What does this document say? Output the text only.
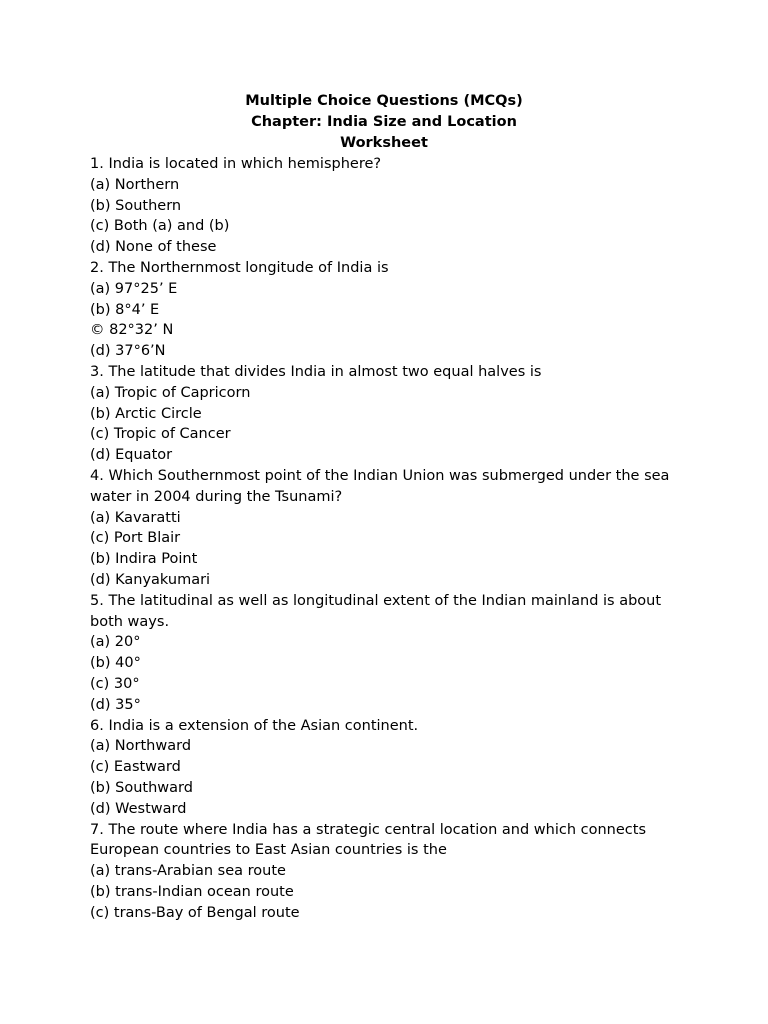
Multiple Choice Questions (MCQs)
Chapter: India Size and Location
Worksheet
1. India is located in which hemisphere?
(a) Northern
(b) Southern
(c) Both (a) and (b)
(d) None of these
2. The Northernmost longitude of India is
(a) 97°25’ E
(b) 8°4’ E
© 82°32’ N
(d) 37°6’N
3. The latitude that divides India in almost two equal halves is
(a) Tropic of Capricorn
(b) Arctic Circle
(c) Tropic of Cancer
(d) Equator
4. Which Southernmost point of the Indian Union was submerged under the sea water in 2004 during the Tsunami?
(a) Kavaratti
(c) Port Blair
(b) Indira Point
(d) Kanyakumari
5. The latitudinal as well as longitudinal extent of the Indian mainland is about both ways.
(a) 20°
(b) 40°
(c) 30°
(d) 35°
6. India is a extension of the Asian continent.
(a) Northward
(c) Eastward
(b) Southward
(d) Westward
7. The route where India has a strategic central location and which connects European countries to East Asian countries is the
(a) trans-Arabian sea route
(b) trans-Indian ocean route
(c) trans-Bay of Bengal route
